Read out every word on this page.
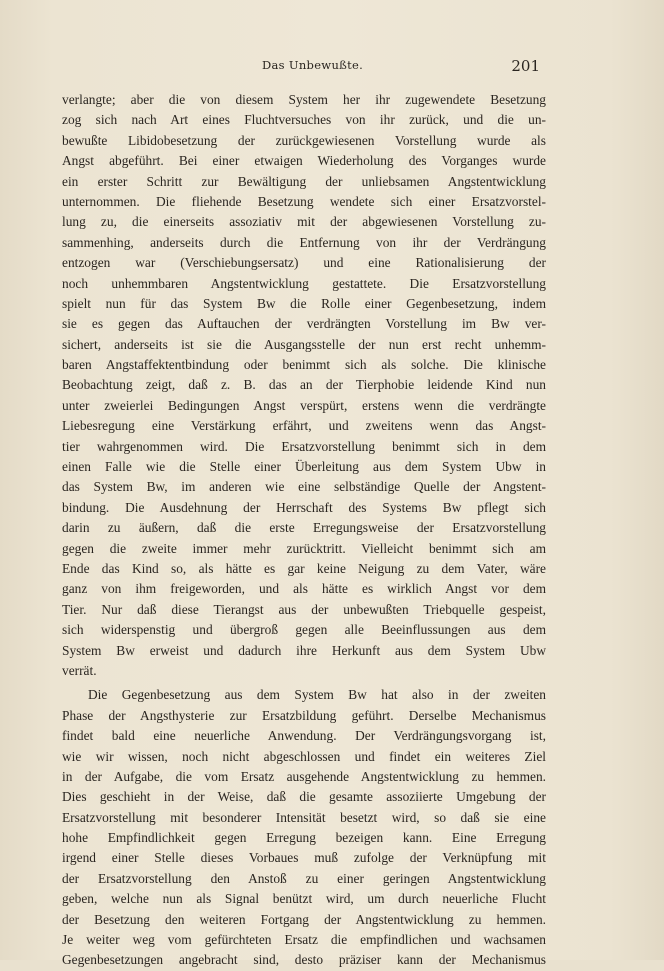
Das Unbewußte.	201
verlangte; aber die von diesem System her ihr zugewendete Besetzung
zog sich nach Art eines Fluchtversuches von ihr zurück, und die un-
bewußte Libidobesetzung der zurückgewiesenen Vorstellung wurde als
Angst abgeführt. Bei einer etwaigen Wiederholung des Vorganges wurde
ein erster Schritt zur Bewältigung der unliebsamen Angstentwicklung
unternommen. Die fliehende Besetzung wendete sich einer Ersatzvorstel-
lung zu, die einerseits assoziativ mit der abgewiesenen Vorstellung zu-
sammenhing, anderseits durch die Entfernung von ihr der Verdrängung
entzogen war (Verschiebungsersatz) und eine Rationalisierung der
noch unhemmbaren Angstentwicklung gestattete. Die Ersatzvorstellung
spielt nun für das System Bw die Rolle einer Gegenbesetzung, indem
sie es gegen das Auftauchen der verdrängten Vorstellung im Bw ver-
sichert, anderseits ist sie die Ausgangsstelle der nun erst recht unhemm-
baren Angstaffektentbindung oder benimmt sich als solche. Die klinische
Beobachtung zeigt, daß z. B. das an der Tierphobie leidende Kind nun
unter zweierlei Bedingungen Angst verspürt, erstens wenn die verdrängte
Liebesregung eine Verstärkung erfährt, und zweitens wenn das Angst-
tier wahrgenommen wird. Die Ersatzvorstellung benimmt sich in dem
einen Falle wie die Stelle einer Überleitung aus dem System Ubw in
das System Bw, im anderen wie eine selbständige Quelle der Angstent-
bindung. Die Ausdehnung der Herrschaft des Systems Bw pflegt sich
darin zu äußern, daß die erste Erregungsweise der Ersatzvorstellung
gegen die zweite immer mehr zurücktritt. Vielleicht benimmt sich am
Ende das Kind so, als hätte es gar keine Neigung zu dem Vater, wäre
ganz von ihm freigeworden, und als hätte es wirklich Angst vor dem
Tier. Nur daß diese Tierangst aus der unbewußten Triebquelle gespeist,
sich widerspenstig und übergroß gegen alle Beeinflussungen aus dem
System Bw erweist und dadurch ihre Herkunft aus dem System Ubw
verrät.
Die Gegenbesetzung aus dem System Bw hat also in der zweiten
Phase der Angsthysterie zur Ersatzbildung geführt. Derselbe Mechanismus
findet bald eine neuerliche Anwendung. Der Verdrängungsvorgang ist,
wie wir wissen, noch nicht abgeschlossen und findet ein weiteres Ziel
in der Aufgabe, die vom Ersatz ausgehende Angstentwicklung zu hemmen.
Dies geschieht in der Weise, daß die gesamte assoziierte Umgebung der
Ersatzvorstellung mit besonderer Intensität besetzt wird, so daß sie eine
hohe Empfindlichkeit gegen Erregung bezeigen kann. Eine Erregung
irgend einer Stelle dieses Vorbaues muß zufolge der Verknüpfung mit
der Ersatzvorstellung den Anstoß zu einer geringen Angstentwicklung
geben, welche nun als Signal benützt wird, um durch neuerliche Flucht
der Besetzung den weiteren Fortgang der Angstentwicklung zu hemmen.
Je weiter weg vom gefürchteten Ersatz die empfindlichen und wachsamen
Gegenbesetzungen angebracht sind, desto präziser kann der Mechanismus
